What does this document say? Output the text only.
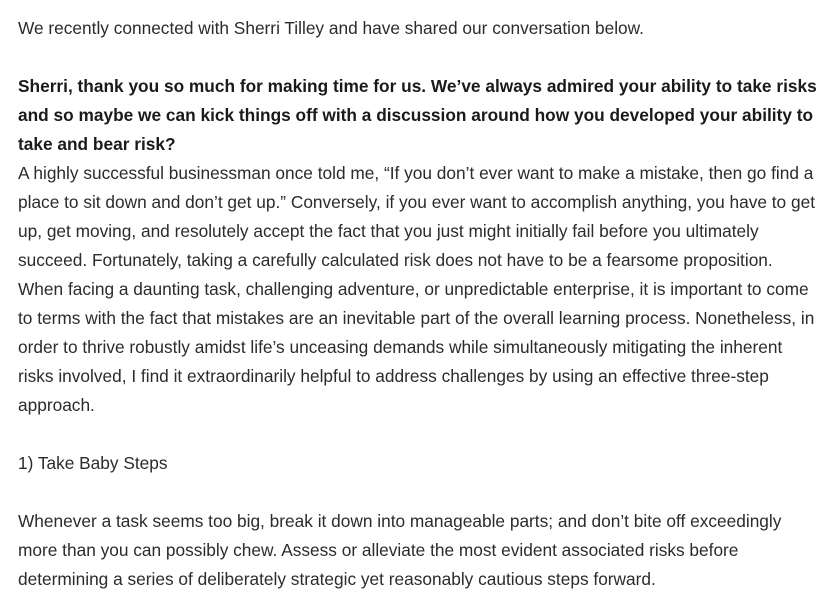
We recently connected with Sherri Tilley and have shared our conversation below.

Sherri, thank you so much for making time for us. We’ve always admired your ability to take risks and so maybe we can kick things off with a discussion around how you developed your ability to take and bear risk?

A highly successful businessman once told me, “If you don’t ever want to make a mistake, then go find a place to sit down and don’t get up.” Conversely, if you ever want to accomplish anything, you have to get up, get moving, and resolutely accept the fact that you just might initially fail before you ultimately succeed. Fortunately, taking a carefully calculated risk does not have to be a fearsome proposition. When facing a daunting task, challenging adventure, or unpredictable enterprise, it is important to come to terms with the fact that mistakes are an inevitable part of the overall learning process. Nonetheless, in order to thrive robustly amidst life’s unceasing demands while simultaneously mitigating the inherent risks involved, I find it extraordinarily helpful to address challenges by using an effective three-step approach.

1) Take Baby Steps

Whenever a task seems too big, break it down into manageable parts; and don’t bite off exceedingly more than you can possibly chew. Assess or alleviate the most evident associated risks before determining a series of deliberately strategic yet reasonably cautious steps forward.
